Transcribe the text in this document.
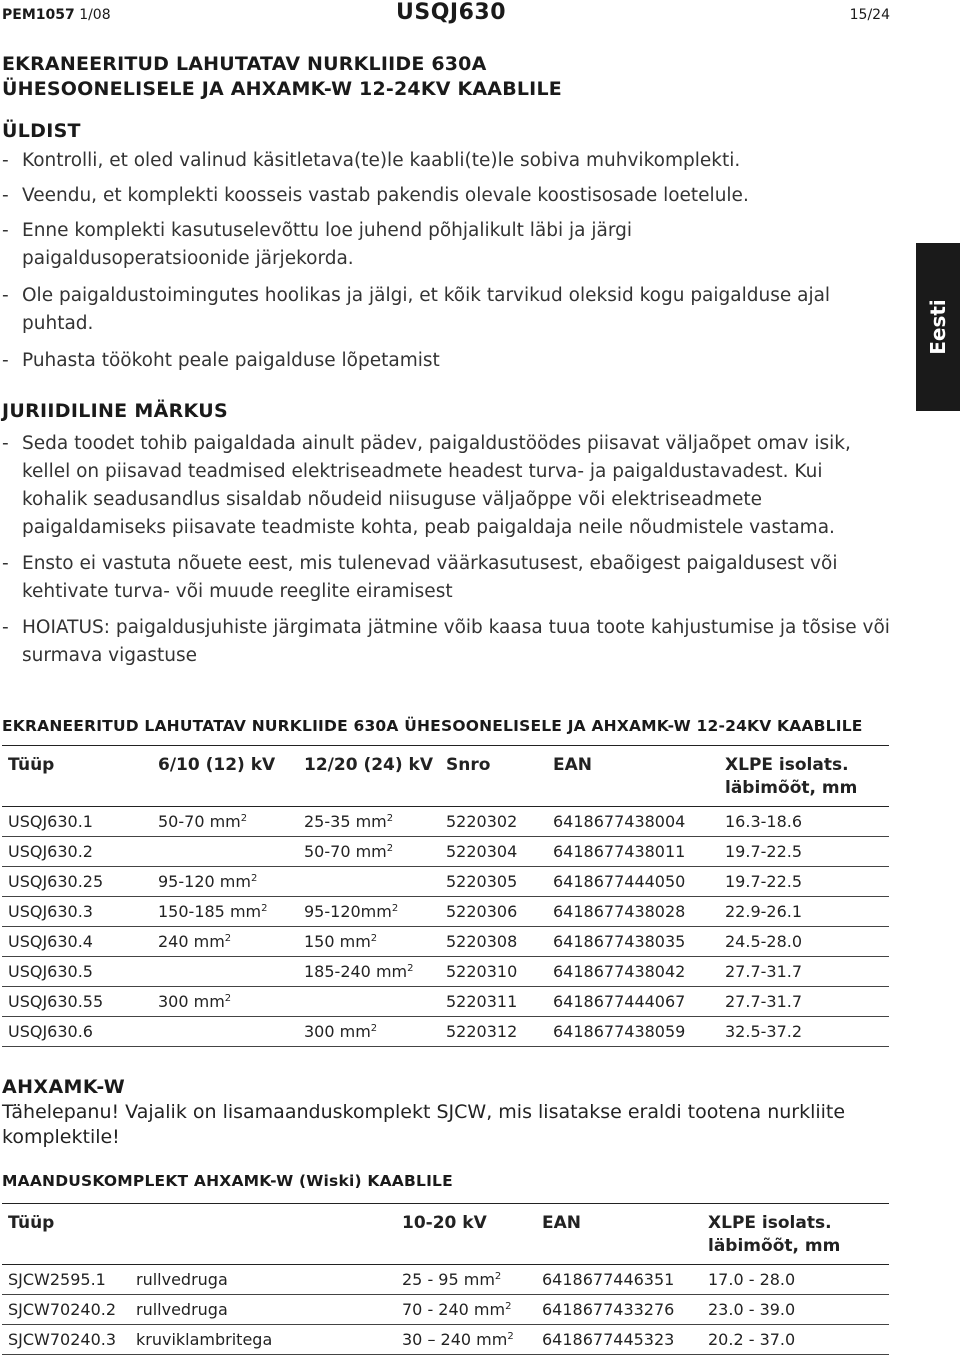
PEM1057 1/08	USQJ630	15/24
EKRANEERITUD LAHUTATAV NURKLIIDE 630A
ÜHESOONELISELE JA AHXAMK-W 12-24KV KAABLILE
ÜLDIST
- Kontrolli, et oled valinud käsitletava(te)le kaabli(te)le sobiva muhvikomplekti.
- Veendu, et komplekti koosseis vastab pakendis olevale koostisosade loetelule.
- Enne komplekti kasutuselevõttu loe juhend põhjalikult läbi ja järgi paigaldusoperatsioonide järjekorda.
- Ole paigaldustoimingutes hoolikas ja jälgi, et kõik tarvikud oleksid kogu paigalduse ajal puhtad.
- Puhasta töökoht peale paigalduse lõpetamist
Eesti
JURIIDILINE MÄRKUS
- Seda toodet tohib paigaldada ainult pädev, paigaldustöödes piisavat väljaõpet omav isik, kellel on piisavad teadmised elektriseadmete headest turva- ja paigaldustavadest. Kui kohalik seadusandlus sisaldab nõudeid niisuguse väljaõppe või elektriseadmete paigaldamiseks piisavate teadmiste kohta, peab paigaldaja neile nõudmistele vastama.
- Ensto ei vastuta nõuete eest, mis tulenevad väärkasutusest, ebaõigest paigaldusest või kehtivate turva- või muude reeglite eiramisest
- HOIATUS: paigaldusjuhiste järgimata jätmine võib kaasa tuua toote kahjustumise ja tõsise või surmava vigastuse
EKRANEERITUD LAHUTATAV NURKLIIDE 630A ÜHESOONELISELE JA AHXAMK-W 12-24KV KAABLILE
Tüüp	6/10 (12) kV	12/20 (24) kV	Snro	EAN	XLPE isolats.
läbimõõt, mm

USQJ630.1	50-70 $mm^2$	25-35 $mm^2$	5220302	6418677438004	16.3-18.6
USQJ630.2		50-70 $mm^2$	5220304	6418677438011	19.7-22.5
USQJ630.25	95-120 $mm^2$		5220305	6418677444050	19.7-22.5
USQJ630.3	150-185 $mm^2$	$95-120mm^2$	5220306	6418677438028	22.9-26.1
USQJ630.4	240 $mm^2$	150 $mm^2$	5220308	6418677438035	24.5-28.0
USQJ630.5		185-240 $mm^2$	5220310	6418677438042	27.7-31.7
USQJ630.55	300 $mm^2$		5220311	6418677444067	27.7-31.7
USQJ630.6		300 $mm^2$	5220312	6418677438059	32.5-37.2
AHXAMK-W
Tähelepanu! Vajalik on lisamaanduskomplekt SJCW, mis lisatakse eraldi tootena nurkliite komplektile!
MAANDUSKOMPLEKT AHXAMK-W (Wiski) KAABLILE
Tüüp		10-20 kV	EAN	XLPE isolats.
läbimõõt, mm

SJCW2595.1	rullvedruga	25 - 95 $mm^2$	6418677446351	17.0 - 28.0
SJCW70240.2	rullvedruga	70 - 240 $mm^2$	6418677433276	23.0 - 39.0
SJCW70240.3	kruviklambritega	30 – 240 $mm^2$	6418677445323	20.2 - 37.0
